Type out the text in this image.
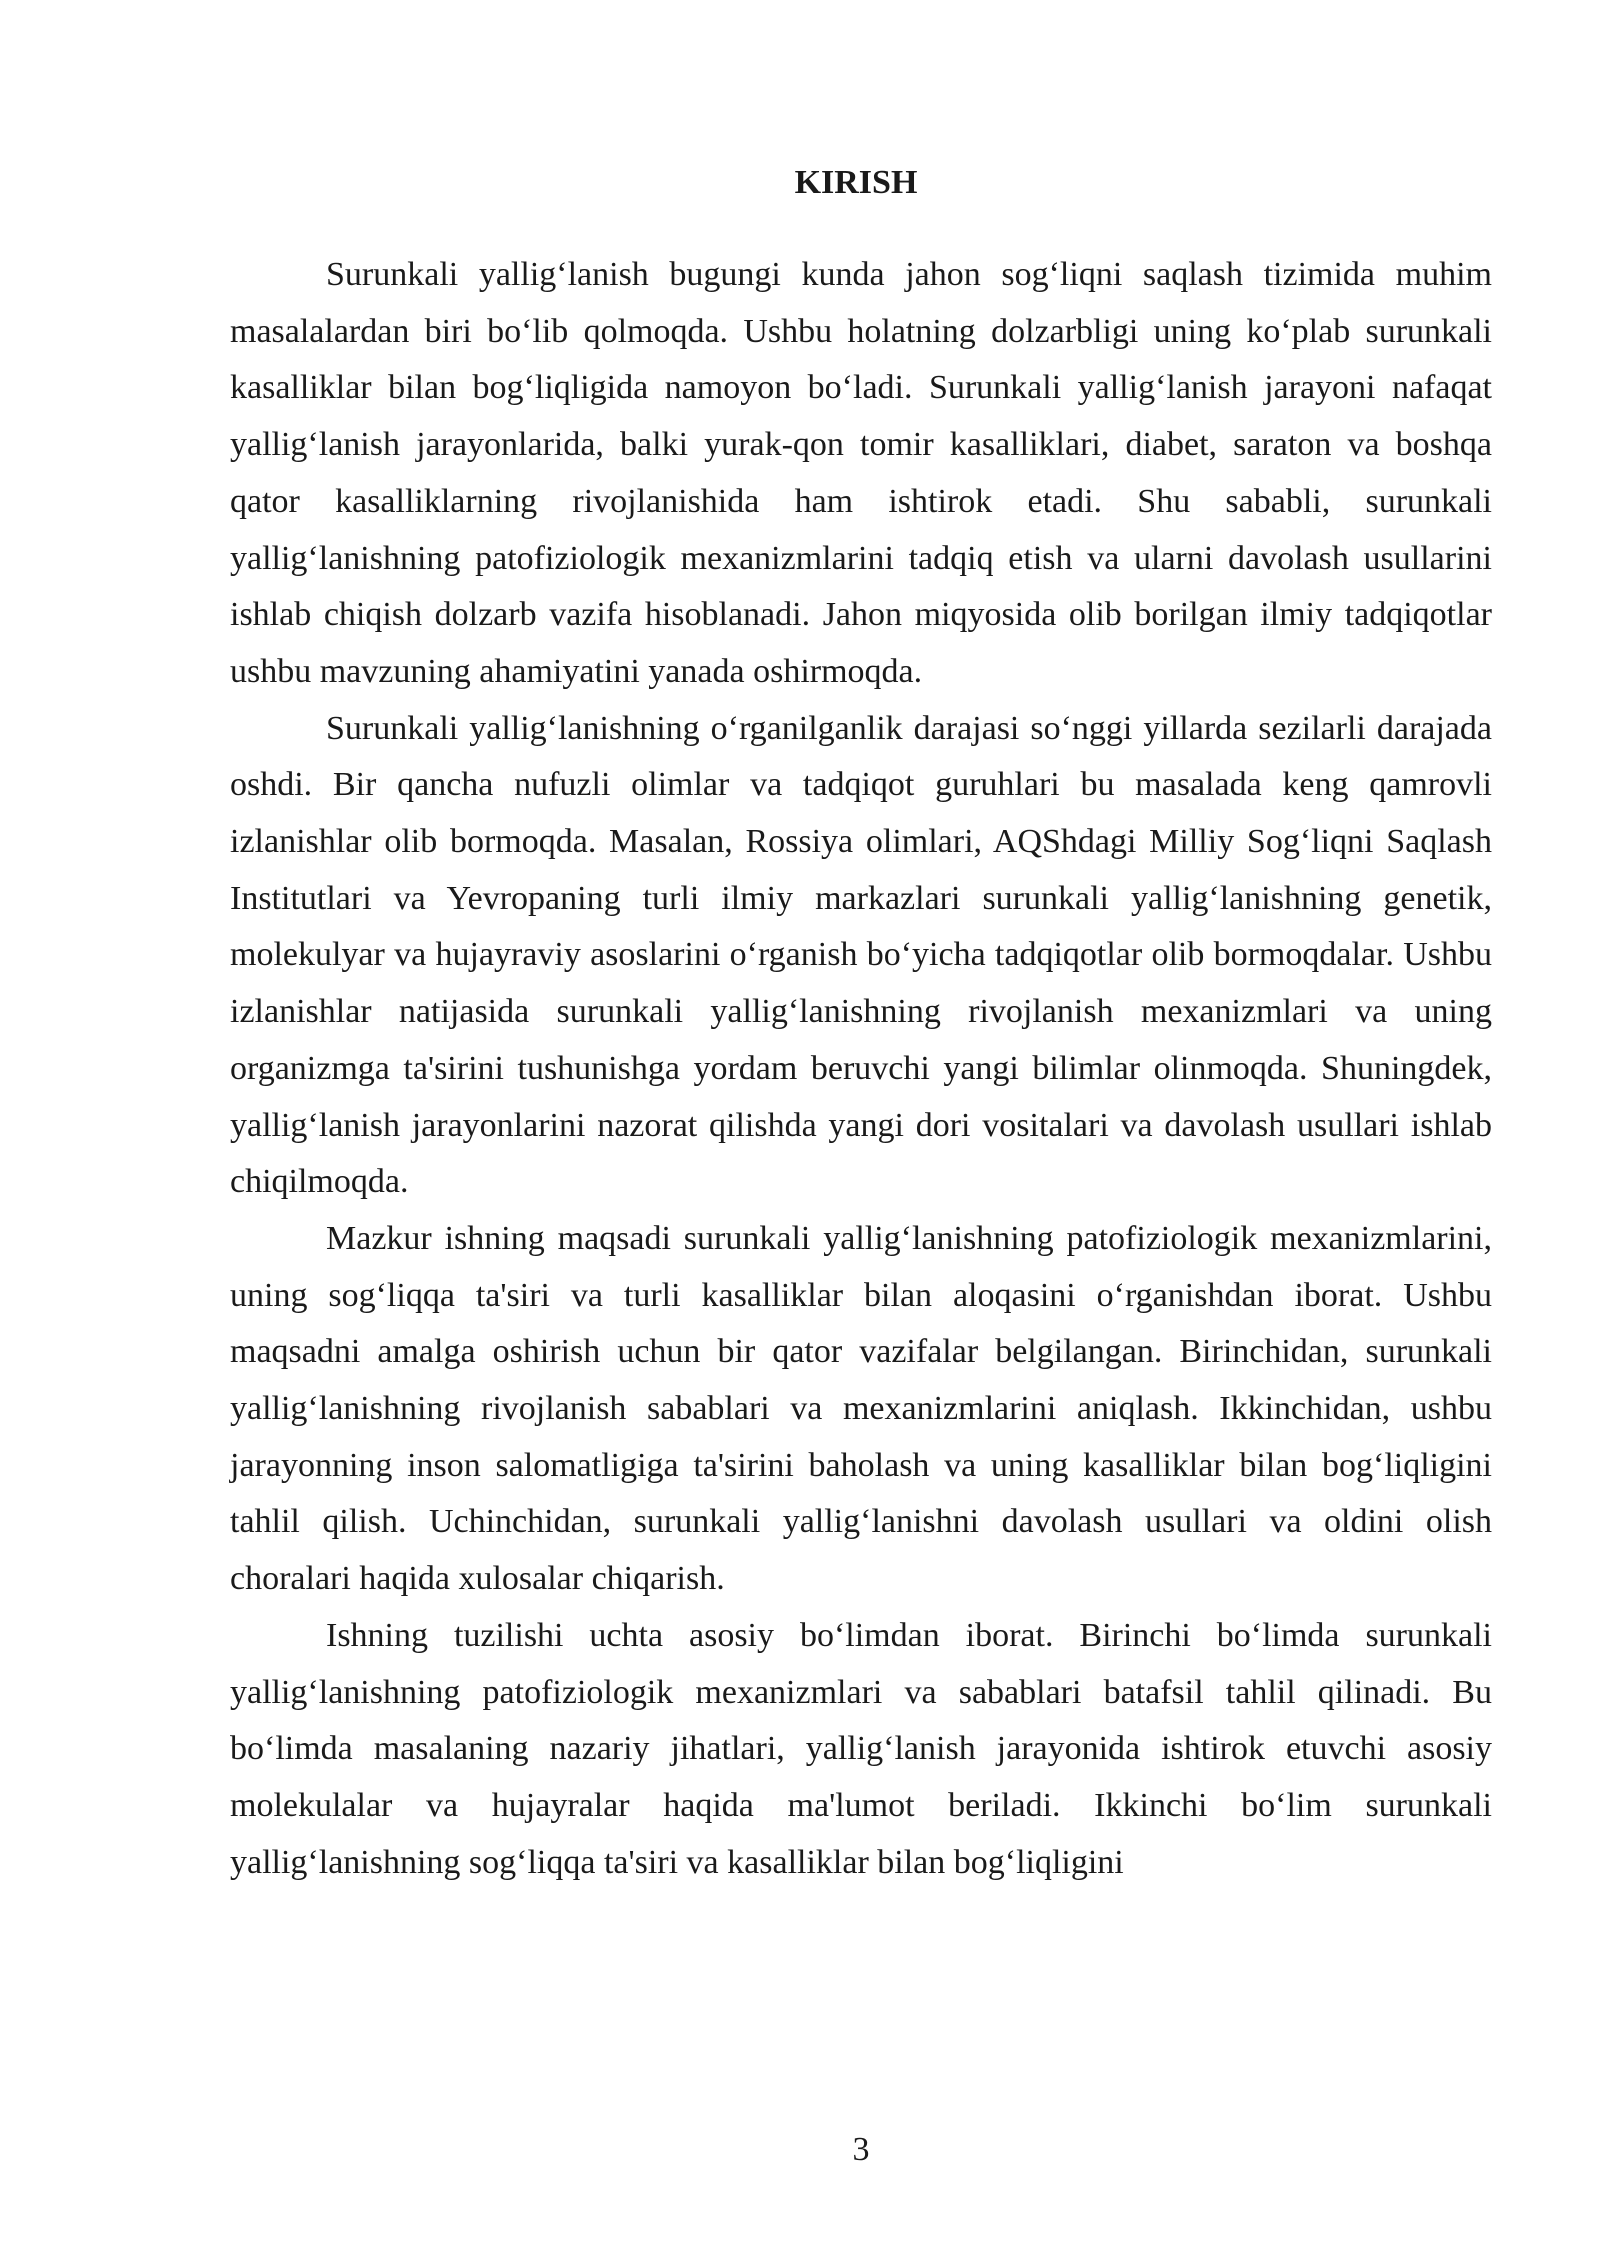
KIRISH

Surunkali yallig‘lanish bugungi kunda jahon sog‘liqni saqlash tizimida muhim masalalardan biri bo‘lib qolmoqda. Ushbu holatning dolzarbligi uning ko‘plab surunkali kasalliklar bilan bog‘liqligida namoyon bo‘ladi. Surunkali yallig‘lanish jarayoni nafaqat yallig‘lanish jarayonlarida, balki yurak-qon tomir kasalliklari, diabet, saraton va boshqa qator kasalliklarning rivojlanishida ham ishtirok etadi. Shu sababli, surunkali yallig‘lanishning patofiziologik mexanizmlarini tadqiq etish va ularni davolash usullarini ishlab chiqish dolzarb vazifa hisoblanadi. Jahon miqyosida olib borilgan ilmiy tadqiqotlar ushbu mavzuning ahamiyatini yanada oshirmoqda.

Surunkali yallig‘lanishning o‘rganilganlik darajasi so‘nggi yillarda sezilarli darajada oshdi. Bir qancha nufuzli olimlar va tadqiqot guruhlari bu masalada keng qamrovli izlanishlar olib bormoqda. Masalan, Rossiya olimlari, AQShdagi Milliy Sog‘liqni Saqlash Institutlari va Yevropaning turli ilmiy markazlari surunkali yallig‘lanishning genetik, molekulyar va hujayraviy asoslarini o‘rganish bo‘yicha tadqiqotlar olib bormoqdalar. Ushbu izlanishlar natijasida surunkali yallig‘lanishning rivojlanish mexanizmlari va uning organizmga ta'sirini tushunishga yordam beruvchi yangi bilimlar olinmoqda. Shuningdek, yallig‘lanish jarayonlarini nazorat qilishda yangi dori vositalari va davolash usullari ishlab chiqilmoqda.

Mazkur ishning maqsadi surunkali yallig‘lanishning patofiziologik mexanizmlarini, uning sog‘liqqa ta'siri va turli kasalliklar bilan aloqasini o‘rganishdan iborat. Ushbu maqsadni amalga oshirish uchun bir qator vazifalar belgilangan. Birinchidan, surunkali yallig‘lanishning rivojlanish sabablari va mexanizmlarini aniqlash. Ikkinchidan, ushbu jarayonning inson salomatligiga ta'sirini baholash va uning kasalliklar bilan bog‘liqligini tahlil qilish. Uchinchidan, surunkali yallig‘lanishni davolash usullari va oldini olish choralari haqida xulosalar chiqarish.

Ishning tuzilishi uchta asosiy bo‘limdan iborat. Birinchi bo‘limda surunkali yallig‘lanishning patofiziologik mexanizmlari va sabablari batafsil tahlil qilinadi. Bu bo‘limda masalaning nazariy jihatlari, yallig‘lanish jarayonida ishtirok etuvchi asosiy molekulalar va hujayralar haqida ma'lumot beriladi. Ikkinchi bo‘lim surunkali yallig‘lanishning sog‘liqqa ta'siri va kasalliklar bilan bog‘liqligini

3
